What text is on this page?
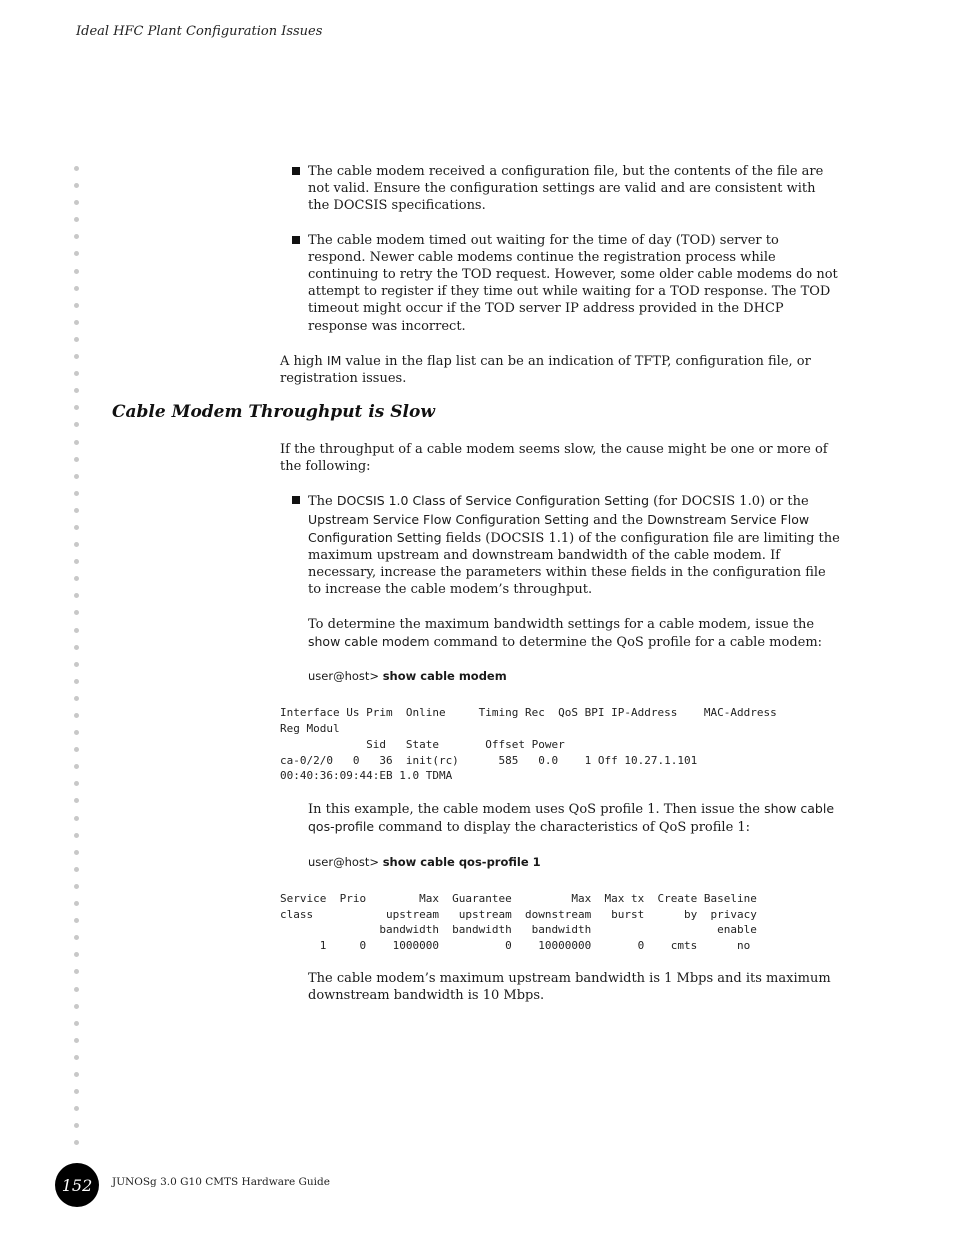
Ideal HFC Plant Configuration Issues
The cable modem received a configuration file, but the contents of the file are not valid. Ensure the configuration settings are valid and are consistent with the DOCSIS specifications.
The cable modem timed out waiting for the time of day (TOD) server to respond. Newer cable modems continue the registration process while continuing to retry the TOD request. However, some older cable modems do not attempt to register if they time out while waiting for a TOD response. The TOD timeout might occur if the TOD server IP address provided in the DHCP response was incorrect.

A high IM value in the flap list can be an indication of TFTP, configuration file, or registration issues.

Cable Modem Throughput is Slow

If the throughput of a cable modem seems slow, the cause might be one or more of the following:

The DOCSIS 1.0 Class of Service Configuration Setting (for DOCSIS 1.0) or the Upstream Service Flow Configuration Setting and the Downstream Service Flow Configuration Setting fields (DOCSIS 1.1) of the configuration file are limiting the maximum upstream and downstream bandwidth of the cable modem. If necessary, increase the parameters within these fields in the configuration file to increase the cable modem’s throughput.

To determine the maximum bandwidth settings for a cable modem, issue the show cable modem command to determine the QoS profile for a cable modem:

user@host> show cable modem
Interface Us Prim  Online     Timing Rec  QoS BPI IP-Address    MAC-Address
Reg Modul
Sid   State       Offset Power
ca-0/2/0   0   36  init(rc)      585   0.0    1 Off 10.27.1.101
00:40:36:09:44:EB 1.0 TDMA

In this example, the cable modem uses QoS profile 1. Then issue the show cable qos-profile command to display the characteristics of QoS profile 1:

user@host> show cable qos-profile 1
Service  Prio        Max  Guarantee         Max  Max tx  Create Baseline
class           upstream   upstream  downstream   burst      by  privacy
bandwidth  bandwidth   bandwidth                   enable
1     0    1000000          0    10000000       0    cmts      no

The cable modem’s maximum upstream bandwidth is 1 Mbps and its maximum downstream bandwidth is 10 Mbps.

152	JUNOSg 3.0 G10 CMTS Hardware Guide
